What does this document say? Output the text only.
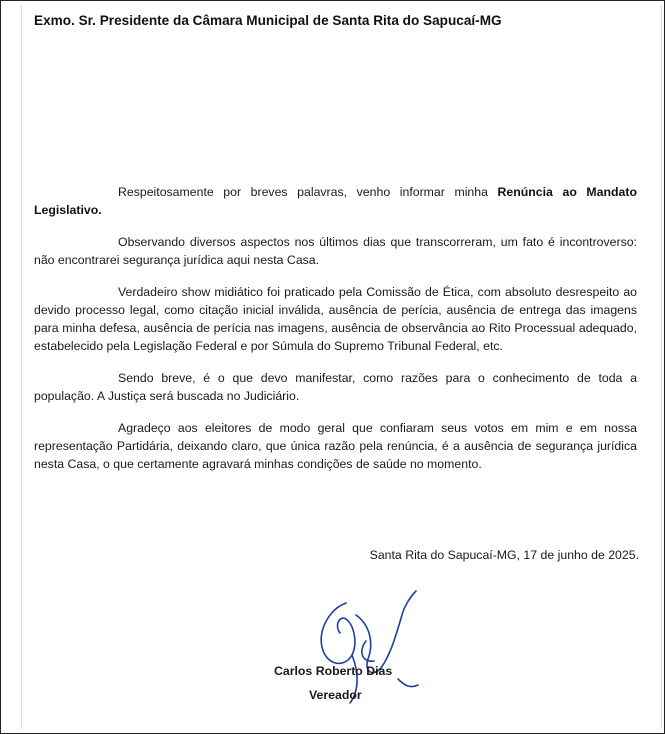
Exmo. Sr. Presidente da Câmara Municipal de Santa Rita do Sapucaí-MG

Respeitosamente por breves palavras, venho informar minha Renúncia ao Mandato Legislativo.

Observando diversos aspectos nos últimos dias que transcorreram, um fato é incontroverso: não encontrarei segurança jurídica aqui nesta Casa.

Verdadeiro show midiático foi praticado pela Comissão de Ética, com absoluto desrespeito ao devido processo legal, como citação inicial inválida, ausência de perícia, ausência de entrega das imagens para minha defesa, ausência de perícia nas imagens, ausência de observância ao Rito Processual adequado, estabelecido pela Legislação Federal e por Súmula do Supremo Tribunal Federal, etc.

Sendo breve, é o que devo manifestar, como razões para o conhecimento de toda a população. A Justiça será buscada no Judiciário.

Agradeço aos eleitores de modo geral que confiaram seus votos em mim e em nossa representação Partidária, deixando claro, que única razão pela renúncia, é a ausência de segurança jurídica nesta Casa, o que certamente agravará minhas condições de saúde no momento.

Santa Rita do Sapucaí-MG, 17 de junho de 2025.
Carlos Roberto Dias
Vereador
